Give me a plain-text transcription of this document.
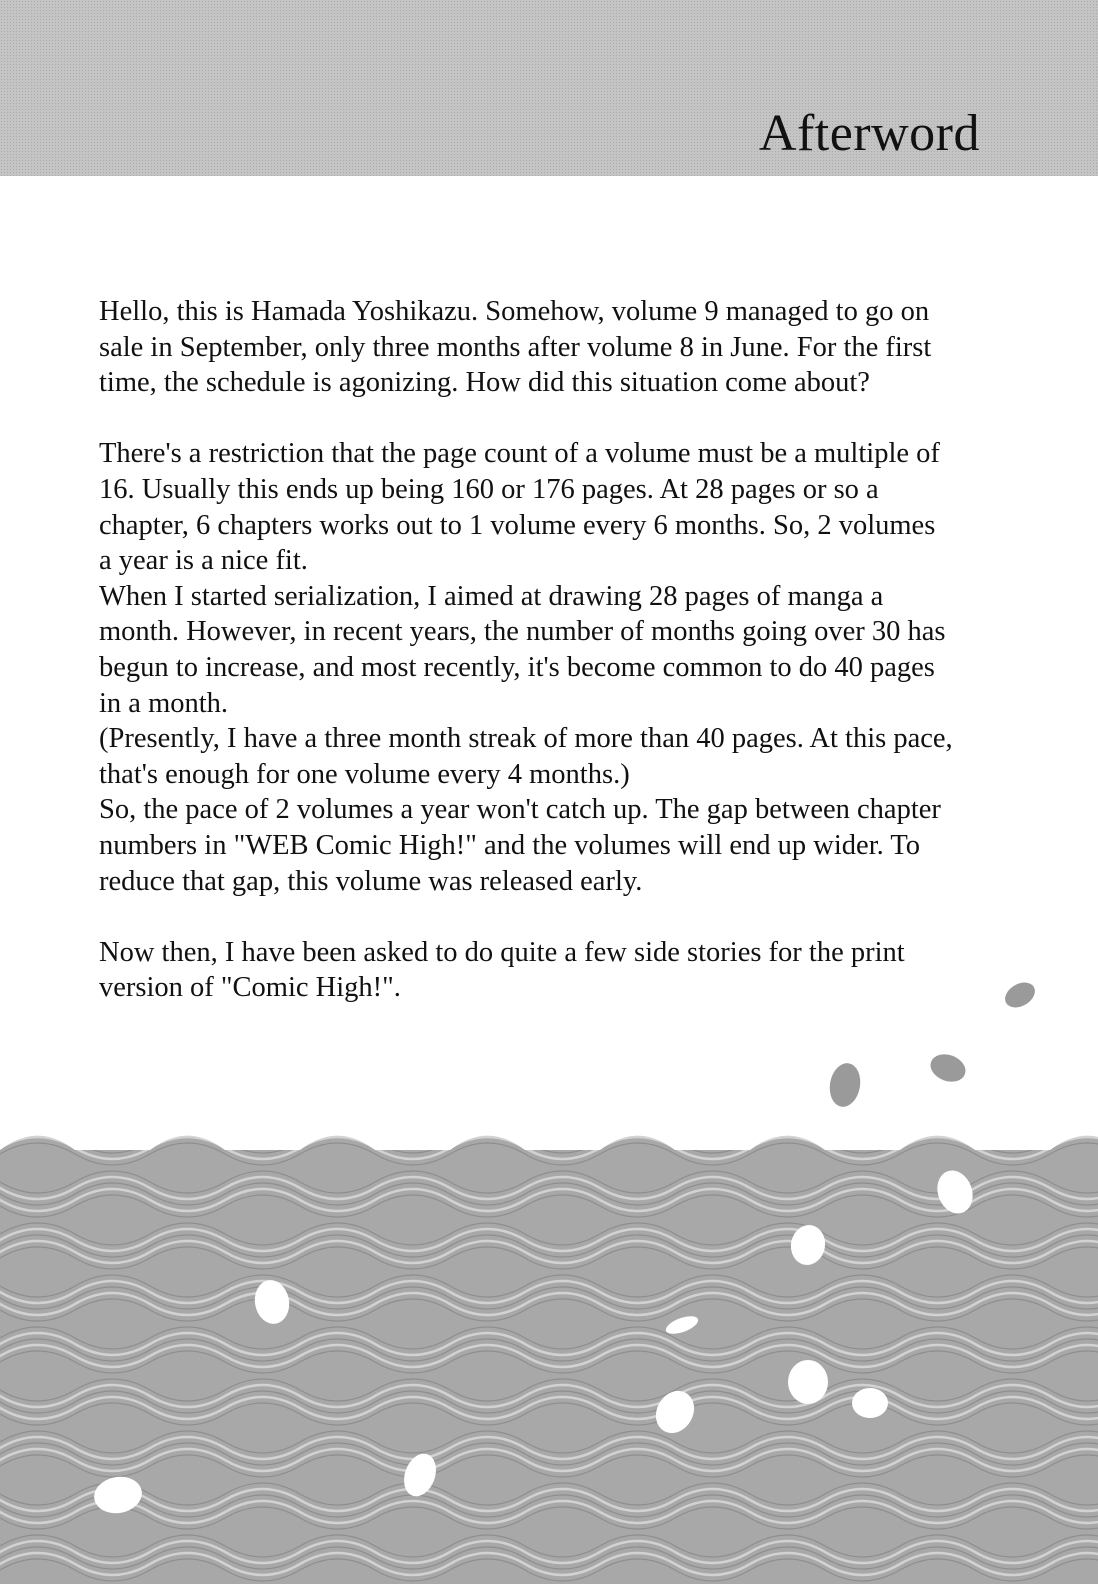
Afterword
Hello, this is Hamada Yoshikazu. Somehow, volume 9 managed to go on
sale in September, only three months after volume 8 in June. For the first
time, the schedule is agonizing. How did this situation come about?
There's a restriction that the page count of a volume must be a multiple of
16. Usually this ends up being 160 or 176 pages. At 28 pages or so a
chapter, 6 chapters works out to 1 volume every 6 months. So, 2 volumes
a year is a nice fit.
When I started serialization, I aimed at drawing 28 pages of manga a
month. However, in recent years, the number of months going over 30 has
begun to increase, and most recently, it's become common to do 40 pages
in a month.
(Presently, I have a three month streak of more than 40 pages. At this pace,
that's enough for one volume every 4 months.)
So, the pace of 2 volumes a year won't catch up. The gap between chapter
numbers in "WEB Comic High!" and the volumes will end up wider. To
reduce that gap, this volume was released early.
Now then, I have been asked to do quite a few side stories for the print
version of "Comic High!".
